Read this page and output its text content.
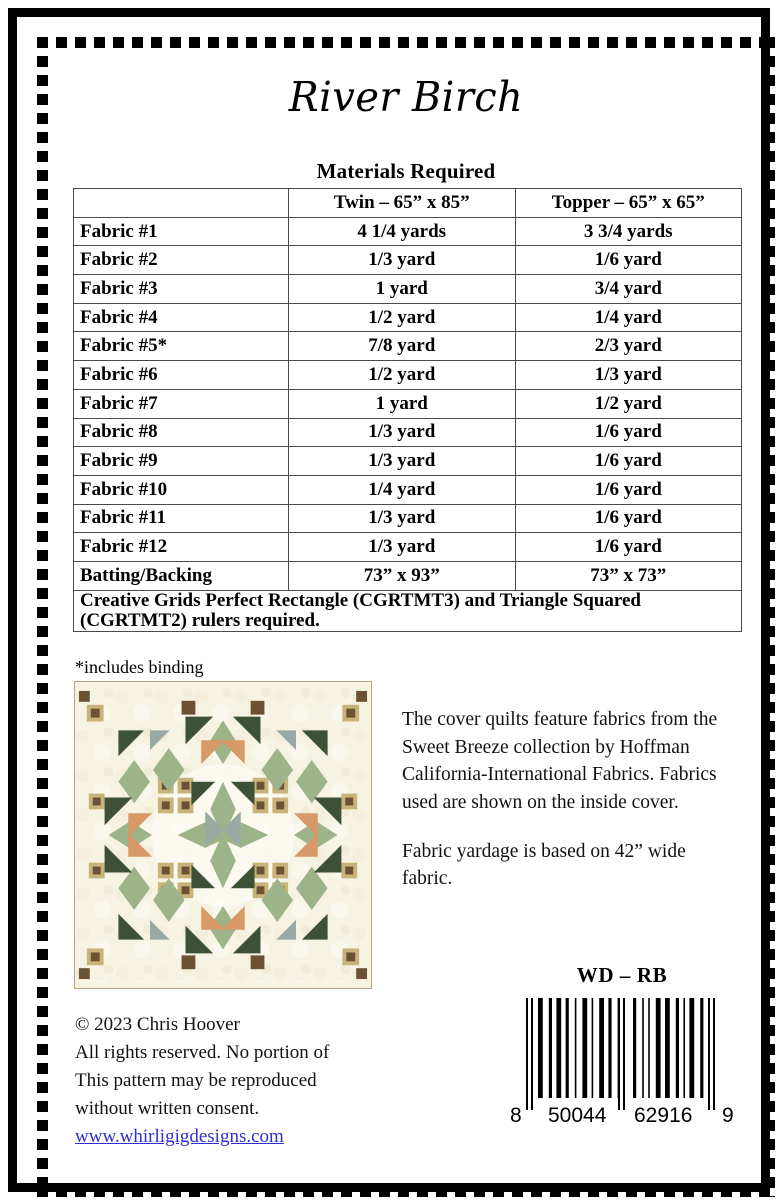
River Birch
Materials Required
	Twin – 65” x 85”	Topper – 65” x 65”
Fabric #1	4 1/4 yards	3 3/4 yards
Fabric #2	1/3 yard	1/6 yard
Fabric #3	1 yard	3/4 yard
Fabric #4	1/2 yard	1/4 yard
Fabric #5*	7/8 yard	2/3 yard
Fabric #6	1/2 yard	1/3 yard
Fabric #7	1 yard	1/2 yard
Fabric #8	1/3 yard	1/6 yard
Fabric #9	1/3 yard	1/6 yard
Fabric #10	1/4 yard	1/6 yard
Fabric #11	1/3 yard	1/6 yard
Fabric #12	1/3 yard	1/6 yard
Batting/Backing	73” x 93”	73” x 73”
Creative Grids Perfect Rectangle (CGRTMT3) and Triangle Squared (CGRTMT2) rulers required.		
*includes binding

The cover quilts feature fabrics from the Sweet Breeze collection by Hoffman California-International Fabrics. Fabrics used are shown on the inside cover.

Fabric yardage is based on 42” wide fabric.

© 2023 Chris Hoover
All rights reserved. No portion of
This pattern may be reproduced
without written consent.
www.whirligigdesigns.com
WD – RB
8 50044 62916 9
